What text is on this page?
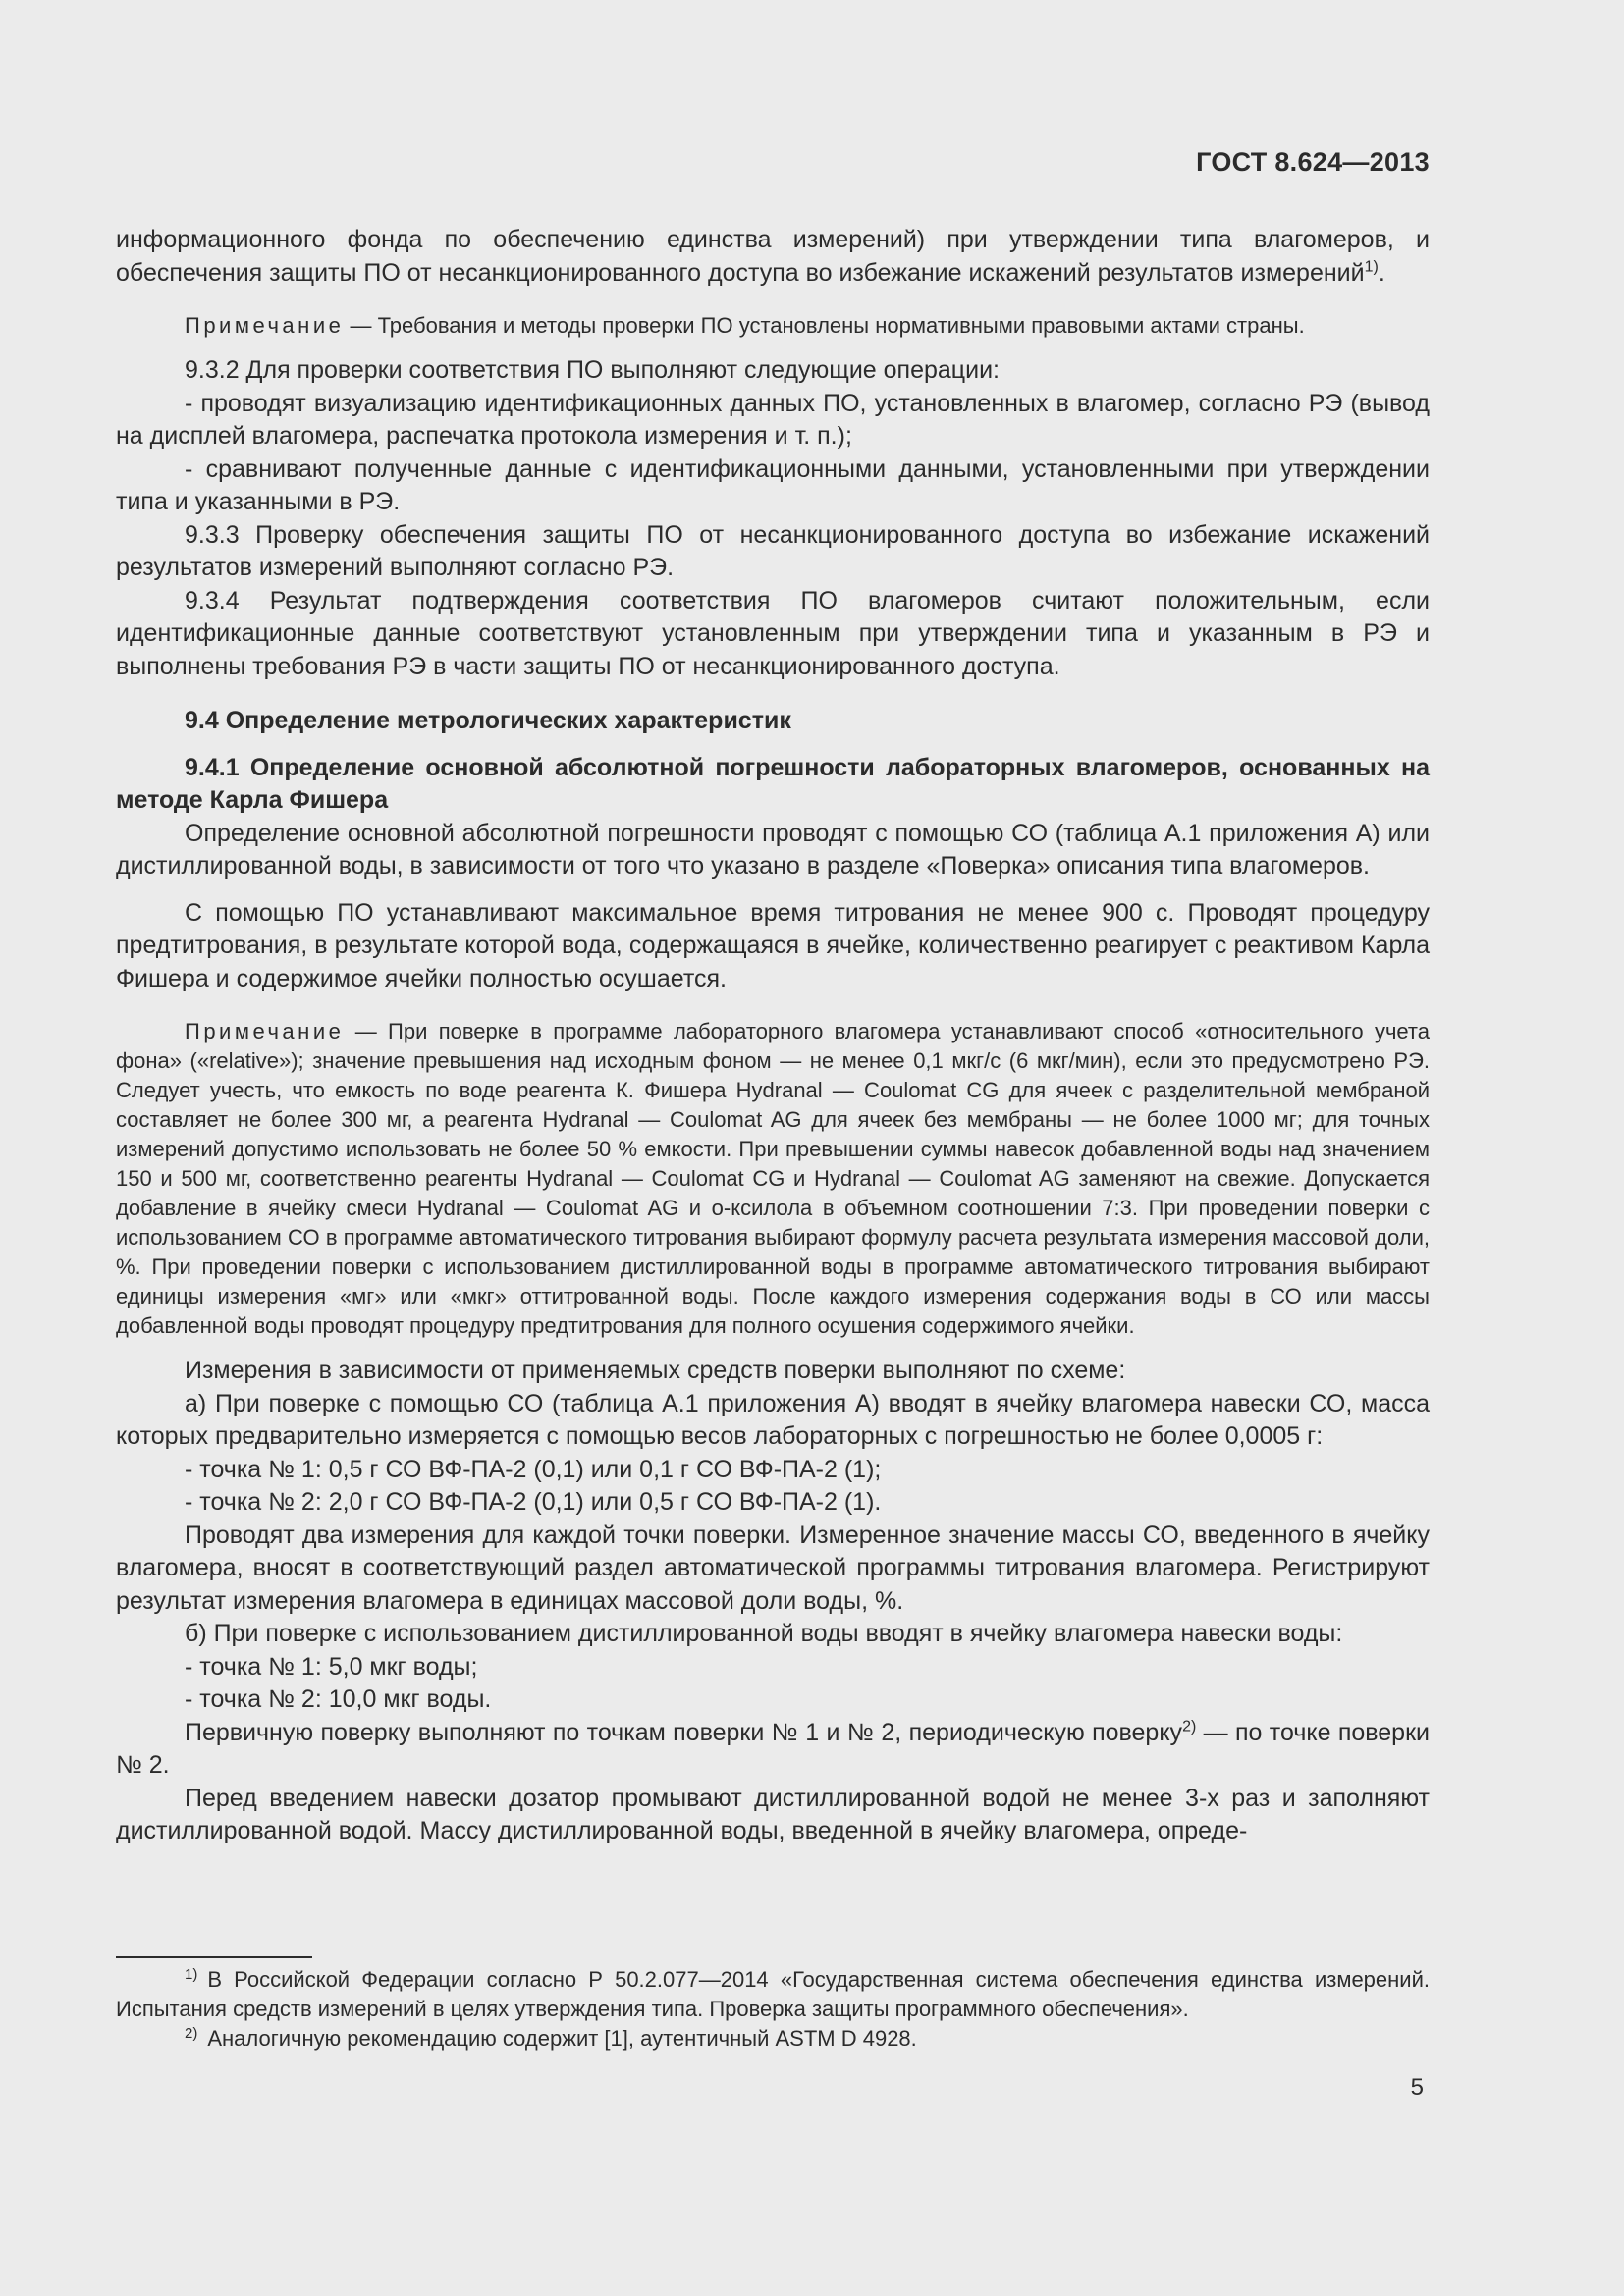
ГОСТ 8.624—2013

информационного фонда по обеспечению единства измерений) при утверждении типа влагомеров, и обеспечения защиты ПО от несанкционированного доступа во избежание искажений результатов измерений$^{1)}$.

Примечание — Требования и методы проверки ПО установлены нормативными правовыми актами страны.

9.3.2 Для проверки соответствия ПО выполняют следующие операции:

- проводят визуализацию идентификационных данных ПО, установленных в влагомер, согласно РЭ (вывод на дисплей влагомера, распечатка протокола измерения и т. п.);

- сравнивают полученные данные с идентификационными данными, установленными при утверждении типа и указанными в РЭ.

9.3.3 Проверку обеспечения защиты ПО от несанкционированного доступа во избежание искажений результатов измерений выполняют согласно РЭ.

9.3.4 Результат подтверждения соответствия ПО влагомеров считают положительным, если идентификационные данные соответствуют установленным при утверждении типа и указанным в РЭ и выполнены требования РЭ в части защиты ПО от несанкционированного доступа.

9.4 Определение метрологических характеристик

9.4.1 Определение основной абсолютной погрешности лабораторных влагомеров, основанных на методе Карла Фишера

Определение основной абсолютной погрешности проводят с помощью СО (таблица А.1 приложения А) или дистиллированной воды, в зависимости от того что указано в разделе «Поверка» описания типа влагомеров.

С помощью ПО устанавливают максимальное время титрования не менее 900 с. Проводят процедуру предтитрования, в результате которой вода, содержащаяся в ячейке, количественно реагирует с реактивом Карла Фишера и содержимое ячейки полностью осушается.

Примечание — При поверке в программе лабораторного влагомера устанавливают способ «относительного учета фона» («relative»); значение превышения над исходным фоном — не менее 0,1 мкг/с (6 мкг/мин), если это предусмотрено РЭ. Следует учесть, что емкость по воде реагента К. Фишера Hydranal — Coulomat CG для ячеек с разделительной мембраной составляет не более 300 мг, а реагента Hydranal — Coulomat AG для ячеек без мембраны — не более 1000 мг; для точных измерений допустимо использовать не более 50 % емкости. При превышении суммы навесок добавленной воды над значением 150 и 500 мг, соответственно реагенты Hydranal — Coulomat CG и Hydranal — Coulomat AG заменяют на свежие. Допускается добавление в ячейку смеси Hydranal — Coulomat AG и о-ксилола в объемном соотношении 7:3. При проведении поверки с использованием СО в программе автоматического титрования выбирают формулу расчета результата измерения массовой доли, %. При проведении поверки с использованием дистиллированной воды в программе автоматического титрования выбирают единицы измерения «мг» или «мкг» оттитрованной воды. После каждого измерения содержания воды в СО или массы добавленной воды проводят процедуру предтитрования для полного осушения содержимого ячейки.

Измерения в зависимости от применяемых средств поверки выполняют по схеме:

а) При поверке с помощью СО (таблица А.1 приложения А) вводят в ячейку влагомера навески СО, масса которых предварительно измеряется с помощью весов лабораторных с погрешностью не более 0,0005 г:

- точка № 1: 0,5 г СО ВФ-ПА-2 (0,1) или 0,1 г СО ВФ-ПА-2 (1);

- точка № 2: 2,0 г СО ВФ-ПА-2 (0,1) или 0,5 г СО ВФ-ПА-2 (1).

Проводят два измерения для каждой точки поверки. Измеренное значение массы СО, введенного в ячейку влагомера, вносят в соответствующий раздел автоматической программы титрования влагомера. Регистрируют результат измерения влагомера в единицах массовой доли воды, %.

б) При поверке с использованием дистиллированной воды вводят в ячейку влагомера навески воды:

- точка № 1: 5,0 мкг воды;

- точка № 2: 10,0 мкг воды.

Первичную поверку выполняют по точкам поверки № 1 и № 2, периодическую поверку$^{2)}$ — по точке поверки № 2.

Перед введением навески дозатор промывают дистиллированной водой не менее 3-х раз и заполняют дистиллированной водой. Массу дистиллированной воды, введенной в ячейку влагомера, опреде-

$^{1)}$ В Российской Федерации согласно Р 50.2.077—2014 «Государственная система обеспечения единства измерений. Испытания средств измерений в целях утверждения типа. Проверка защиты программного обеспечения».

$^{2)}$ Аналогичную рекомендацию содержит [1], аутентичный ASTM D 4928.

5
